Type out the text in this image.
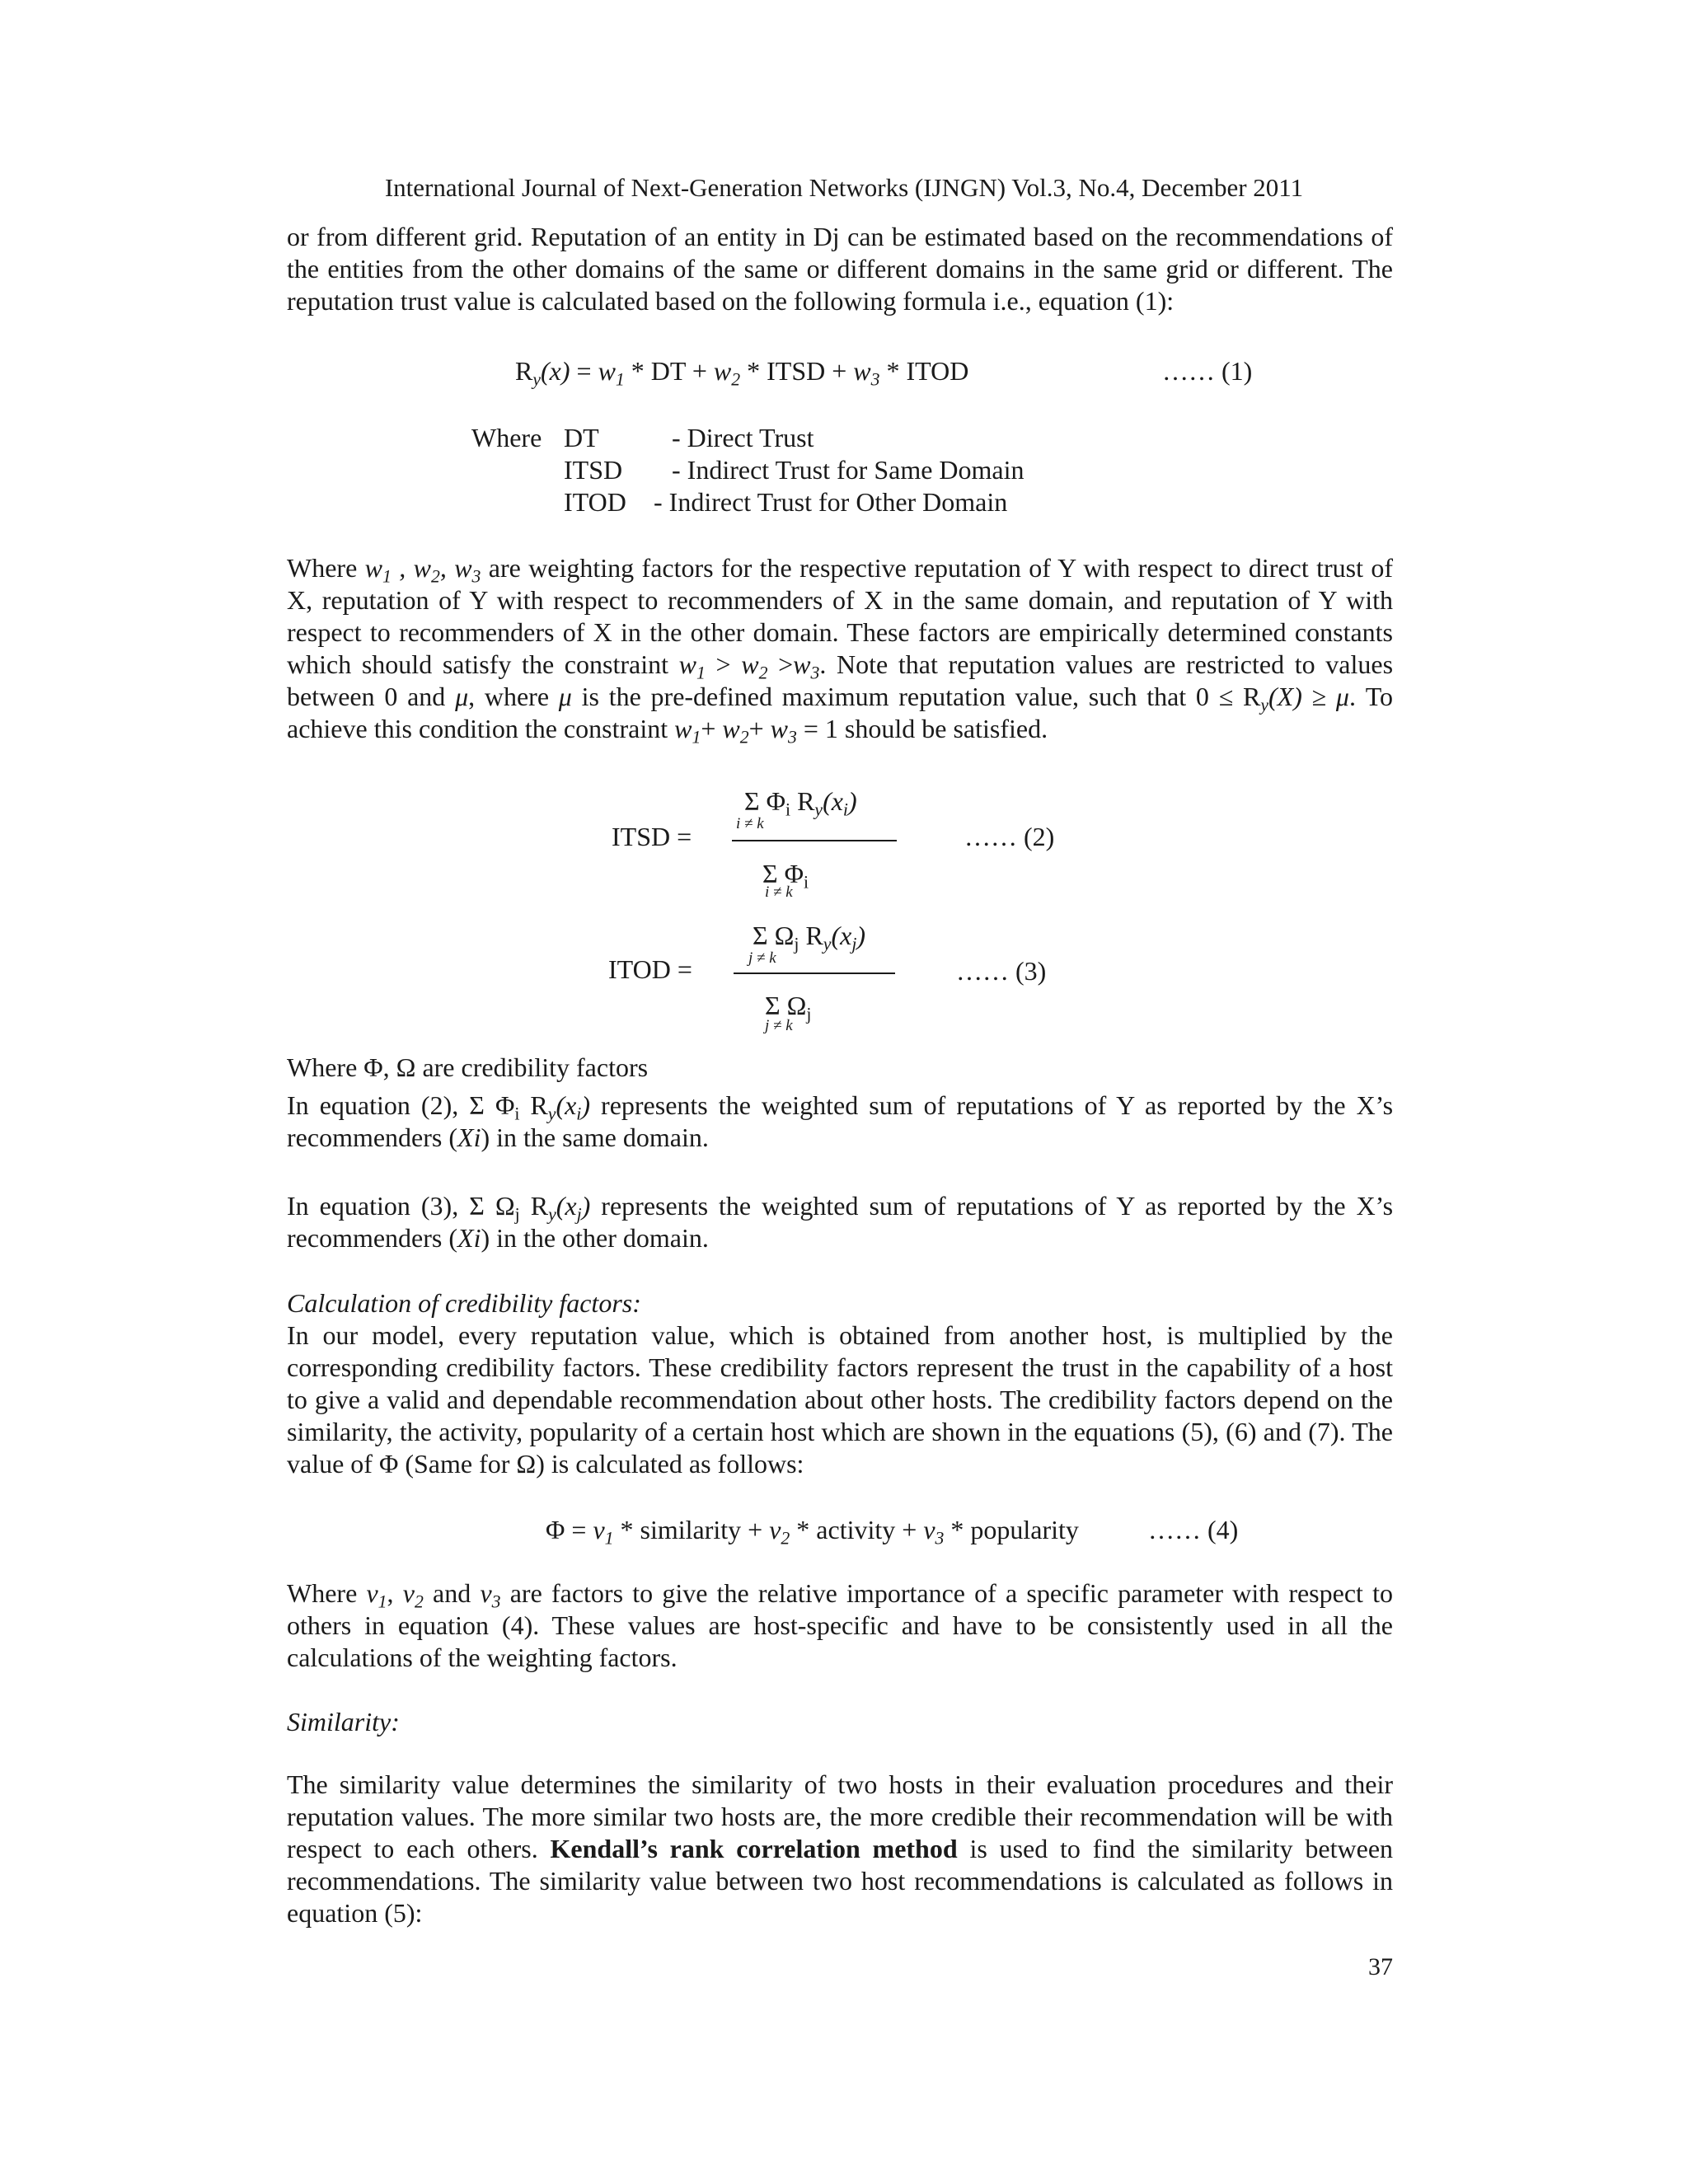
International Journal of Next-Generation Networks (IJNGN) Vol.3, No.4, December 2011

or from different grid. Reputation of an entity in Dj can be estimated based on the recommendations of the entities from the other domains of the same or different domains in the same grid or different. The reputation trust value is calculated based on the following formula i.e., equation (1):

$R_y(x) = w_1$ * DT + $w_2$ * ITSD + $w_3$ * ITOD	…… (1)
Where DT	- Direct Trust
ITSD - Indirect Trust for Same Domain
ITOD - Indirect Trust for Other Domain

Where $w_1$ , $w_2$, $w_3$ are weighting factors for the respective reputation of Y with respect to direct trust of X, reputation of Y with respect to recommenders of X in the same domain, and reputation of Y with respect to recommenders of X in the other domain. These factors are empirically determined constants which should satisfy the constraint $w_1 > w_2 >w_3$. Note that reputation values are restricted to values between 0 and μ, where μ is the pre-defined maximum reputation value, such that $0 \le R_y(X) \ge \mu$. To achieve this condition the constraint $w_1+ w_2+ w_3 = 1$ should be satisfied.

ITSD =
Σ $\Phi_i$ $R_y(x_i)$
i ≠ k
Σ $\Phi_i$
i ≠ k
…… (2)
ITOD =
Σ $\Omega_j$ $R_y(x_j)$
j ≠ k
Σ $\Omega_j$
j ≠ k
…… (3)

Where Φ, Ω are credibility factors

In equation (2), Σ $\Phi_i$ $R_y(x_i)$ represents the weighted sum of reputations of Y as reported by the X’s recommenders (Xi) in the same domain.

In equation (3), Σ $\Omega_j$ $R_y(x_j)$ represents the weighted sum of reputations of Y as reported by the X’s recommenders (Xi) in the other domain.

Calculation of credibility factors:

In our model, every reputation value, which is obtained from another host, is multiplied by the corresponding credibility factors. These credibility factors represent the trust in the capability of a host to give a valid and dependable recommendation about other hosts. The credibility factors depend on the similarity, the activity, popularity of a certain host which are shown in the equations (5), (6) and (7). The value of Φ (Same for Ω) is calculated as follows:

$\Phi = v_1$ * similarity + $v_2$ * activity + $v_3$ * popularity	…… (4)

Where $v_1$, $v_2$ and $v_3$ are factors to give the relative importance of a specific parameter with respect to others in equation (4). These values are host-specific and have to be consistently used in all the calculations of the weighting factors.

Similarity:

The similarity value determines the similarity of two hosts in their evaluation procedures and their reputation values. The more similar two hosts are, the more credible their recommendation will be with respect to each others. Kendall’s rank correlation method is used to find the similarity between recommendations. The similarity value between two host recommendations is calculated as follows in equation (5):

37
